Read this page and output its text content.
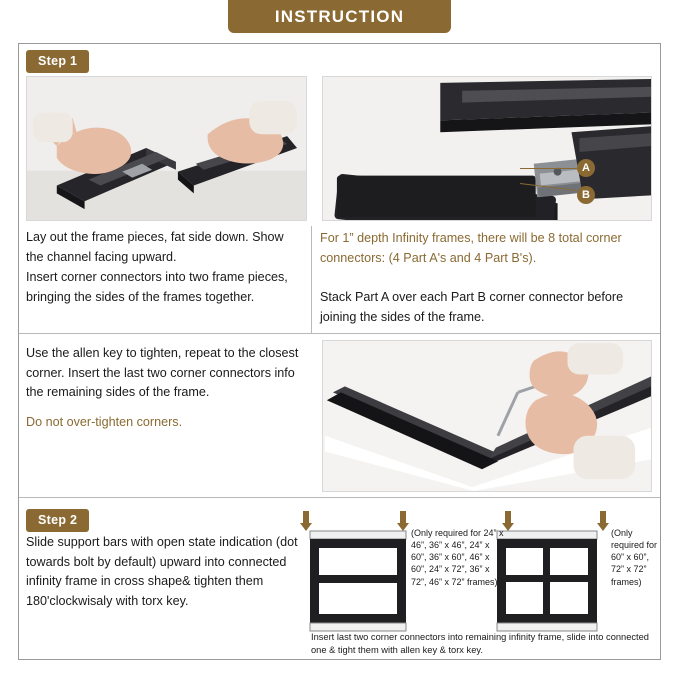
INSTRUCTION
Step 1
A
B
Lay out the frame pieces, fat side down. Show the channel facing upward.
Insert corner connectors into two frame pieces, bringing the sides of the frames together.
For 1” depth Infinity frames, there will be 8 total corner connectors: (4 Part A's and 4 Part B's).
Stack Part A over each Part B corner connector before joining the sides of the frame.
Use the allen key to tighten, repeat to the closest corner. Insert the last two corner connectors info the remaining sides of the frame.
Do not over-tighten corners.
Step 2
Slide support bars with open state indication (dot towards bolt by default) upward into connected infinity frame in cross shape& tighten them 180'clockwisaly with torx key.
(Only required for 24” x 46”, 36” x 46”, 24” x 60”, 36” x 60”, 46” x 60”, 24” x 72”, 36” x 72”, 46” x 72” frames)
(Only required for 60” x 60”, 72” x 72” frames)
Insert last two corner connectors into remaining infinity frame, slide into connected one & tight them with allen key & torx key.
